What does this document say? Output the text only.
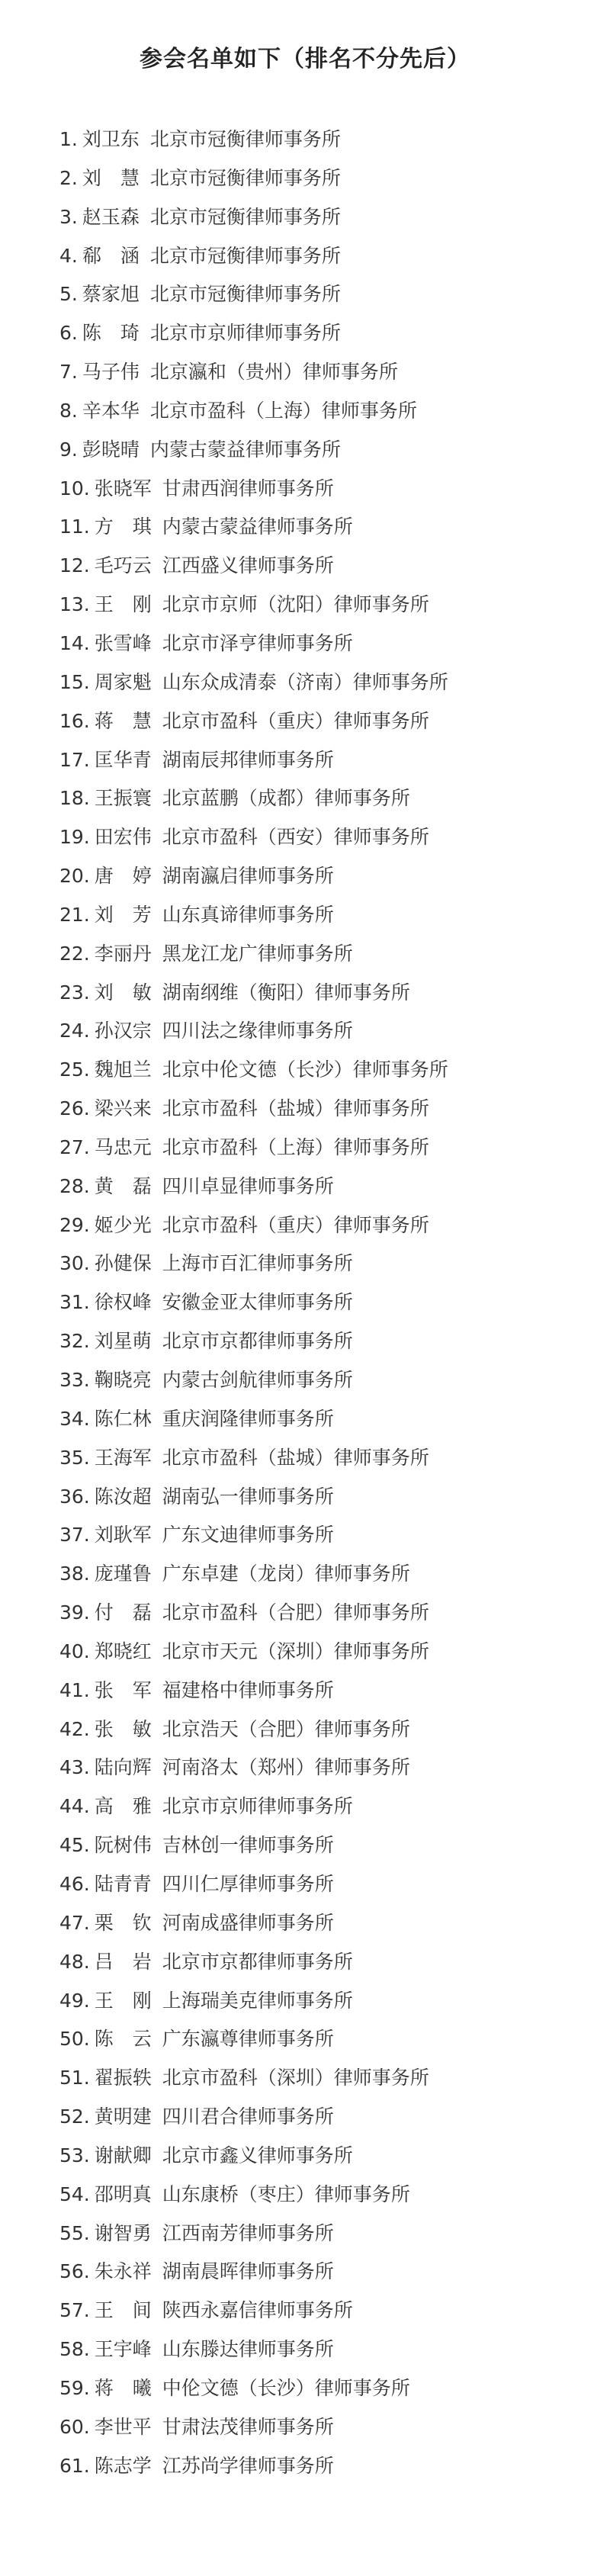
参会名单如下（排名不分先后）
1. 刘卫东 北京市冠衡律师事务所
2. 刘　慧 北京市冠衡律师事务所
3. 赵玉森 北京市冠衡律师事务所
4. 郗　涵 北京市冠衡律师事务所
5. 蔡家旭 北京市冠衡律师事务所
6. 陈　琦 北京市京师律师事务所
7. 马子伟 北京瀛和（贵州）律师事务所
8. 辛本华 北京市盈科（上海）律师事务所
9. 彭晓晴 内蒙古蒙益律师事务所
10. 张晓军 甘肃西润律师事务所
11. 方　琪 内蒙古蒙益律师事务所
12. 毛巧云 江西盛义律师事务所
13. 王　刚 北京市京师（沈阳）律师事务所
14. 张雪峰 北京市泽亨律师事务所
15. 周家魁 山东众成清泰（济南）律师事务所
16. 蒋　慧 北京市盈科（重庆）律师事务所
17. 匡华青 湖南辰邦律师事务所
18. 王振寰 北京蓝鹏（成都）律师事务所
19. 田宏伟 北京市盈科（西安）律师事务所
20. 唐　婷 湖南瀛启律师事务所
21. 刘　芳 山东真谛律师事务所
22. 李丽丹 黑龙江龙广律师事务所
23. 刘　敏 湖南纲维（衡阳）律师事务所
24. 孙汉宗 四川法之缘律师事务所
25. 魏旭兰 北京中伦文德（长沙）律师事务所
26. 梁兴来 北京市盈科（盐城）律师事务所
27. 马忠元 北京市盈科（上海）律师事务所
28. 黄　磊 四川卓显律师事务所
29. 姬少光 北京市盈科（重庆）律师事务所
30. 孙健保 上海市百汇律师事务所
31. 徐权峰 安徽金亚太律师事务所
32. 刘星萌 北京市京都律师事务所
33. 鞠晓亮 内蒙古剑航律师事务所
34. 陈仁林 重庆润隆律师事务所
35. 王海军 北京市盈科（盐城）律师事务所
36. 陈汝超 湖南弘一律师事务所
37. 刘耿军 广东文迪律师事务所
38. 庞瑾鲁 广东卓建（龙岗）律师事务所
39. 付　磊 北京市盈科（合肥）律师事务所
40. 郑晓红 北京市天元（深圳）律师事务所
41. 张　军 福建格中律师事务所
42. 张　敏 北京浩天（合肥）律师事务所
43. 陆向辉 河南洛太（郑州）律师事务所
44. 高　雅 北京市京师律师事务所
45. 阮树伟 吉林创一律师事务所
46. 陆青青 四川仁厚律师事务所
47. 栗　钦 河南成盛律师事务所
48. 吕　岩 北京市京都律师事务所
49. 王　刚 上海瑞美克律师事务所
50. 陈　云 广东瀛尊律师事务所
51. 翟振轶 北京市盈科（深圳）律师事务所
52. 黄明建 四川君合律师事务所
53. 谢献卿 北京市鑫义律师事务所
54. 邵明真 山东康桥（枣庄）律师事务所
55. 谢智勇 江西南芳律师事务所
56. 朱永祥 湖南晨晖律师事务所
57. 王　间 陕西永嘉信律师事务所
58. 王宇峰 山东滕达律师事务所
59. 蒋　曦 中伦文德（长沙）律师事务所
60. 李世平 甘肃法茂律师事务所
61. 陈志学 江苏尚学律师事务所
